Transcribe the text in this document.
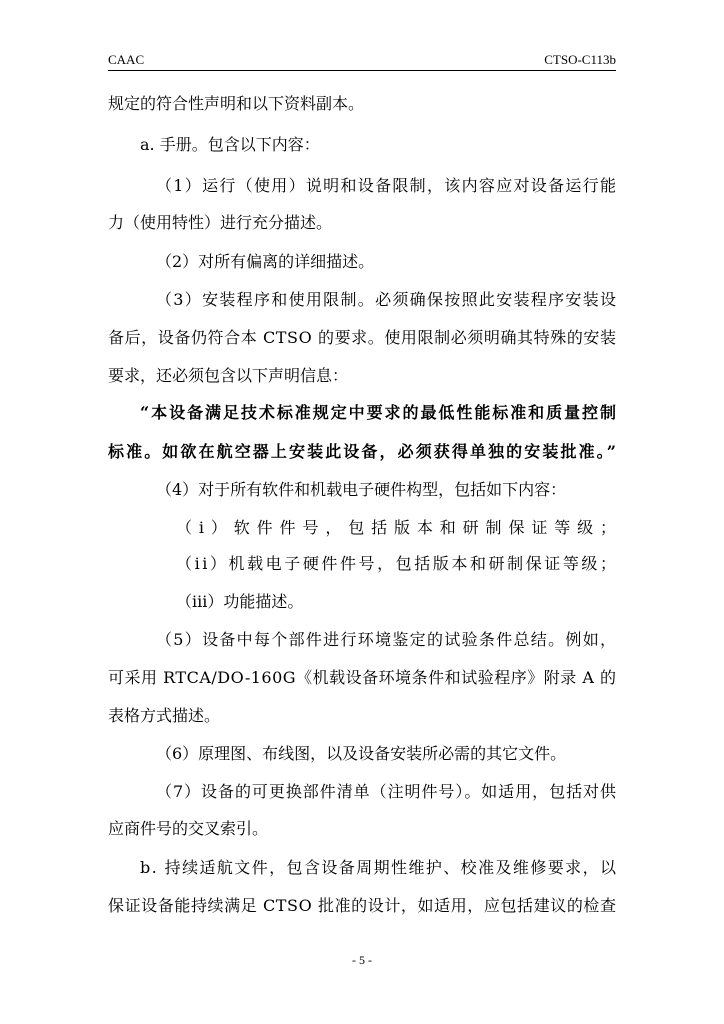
CAAC	CTSO-C113b
规定的符合性声明和以下资料副本。
a. 手册。包含以下内容：
（1）运行（使用）说明和设备限制，该内容应对设备运行能
力（使用特性）进行充分描述。
（2）对所有偏离的详细描述。
（3）安装程序和使用限制。必须确保按照此安装程序安装设
备后，设备仍符合本 CTSO 的要求。使用限制必须明确其特殊的安装
要求，还必须包含以下声明信息：
“本设备满足技术标准规定中要求的最低性能标准和质量控制
标准。如欲在航空器上安装此设备，必须获得单独的安装批准。”
（4）对于所有软件和机载电子硬件构型，包括如下内容：
（i）软件件号，包括版本和研制保证等级；
（ii）机载电子硬件件号，包括版本和研制保证等级；
（iii）功能描述。
（5）设备中每个部件进行环境鉴定的试验条件总结。例如，
可采用 RTCA/DO-160G《机载设备环境条件和试验程序》附录 A 的
表格方式描述。
（6）原理图、布线图，以及设备安装所必需的其它文件。
（7）设备的可更换部件清单（注明件号）。如适用，包括对供
应商件号的交叉索引。
b. 持续适航文件，包含设备周期性维护、校准及维修要求，以
保证设备能持续满足 CTSO 批准的设计，如适用，应包括建议的检查
- 5 -
